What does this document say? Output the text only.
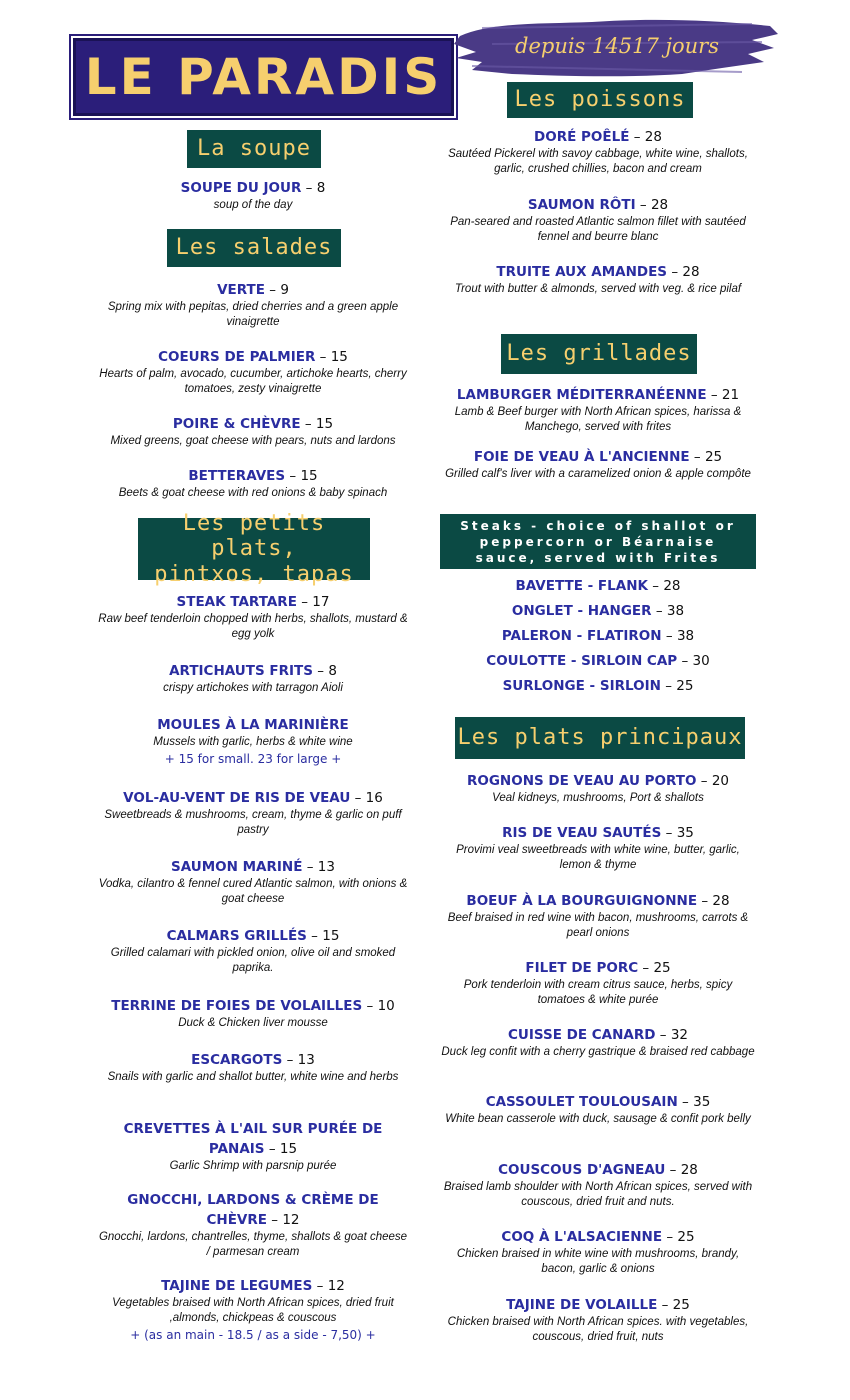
LE PARADIS
depuis 14517 jours
La soupe
SOUPE DU JOUR – 8
soup of the day
Les salades
VERTE – 9
Spring mix with pepitas, dried cherries and a green apple vinaigrette
COEURS DE PALMIER – 15
Hearts of palm, avocado, cucumber, artichoke hearts, cherry tomatoes, zesty vinaigrette
POIRE & CHÈVRE – 15
Mixed greens, goat cheese with pears, nuts and lardons
BETTERAVES – 15
Beets & goat cheese with red onions & baby spinach
Les petits plats, pintxos, tapas
STEAK TARTARE – 17
Raw beef tenderloin chopped with herbs, shallots, mustard & egg yolk
ARTICHAUTS FRITS – 8
crispy artichokes with tarragon Aioli
MOULES À LA MARINIÈRE
Mussels with garlic, herbs & white wine
+ 15 for small. 23 for large +
VOL-AU-VENT DE RIS DE VEAU – 16
Sweetbreads & mushrooms, cream, thyme & garlic on puff pastry
SAUMON MARINÉ – 13
Vodka, cilantro & fennel cured Atlantic salmon, with onions & goat cheese
CALMARS GRILLÉS – 15
Grilled calamari with pickled onion, olive oil and smoked paprika.
TERRINE DE FOIES DE VOLAILLES – 10
Duck & Chicken liver mousse
ESCARGOTS – 13
Snails with garlic and shallot butter, white wine and herbs
CREVETTES À L'AIL SUR PURÉE DE PANAIS – 15
Garlic Shrimp with parsnip purée
GNOCCHI, LARDONS & CRÈME DE CHÈVRE – 12
Gnocchi, lardons, chantrelles, thyme, shallots & goat cheese / parmesan cream
TAJINE DE LEGUMES – 12
Vegetables braised with North African spices, dried fruit ,almonds, chickpeas & couscous
+ (as an main - 18.5 / as a side - 7,50) +
Les poissons
DORÉ POÊLÉ – 28
Sautéed Pickerel with savoy cabbage, white wine, shallots, garlic, crushed chillies, bacon and cream
SAUMON RÔTI – 28
Pan-seared and roasted Atlantic salmon fillet with sautéed fennel and beurre blanc
TRUITE AUX AMANDES – 28
Trout with butter & almonds, served with veg. & rice pilaf
Les grillades
LAMBURGER MÉDITERRANÉENNE – 21
Lamb & Beef burger with North African spices, harissa & Manchego, served with frites
FOIE DE VEAU À L'ANCIENNE – 25
Grilled calf's liver with a caramelized onion & apple compôte
Steaks - choice of shallot or peppercorn or Béarnaise sauce, served with Frites
BAVETTE - FLANK – 28
ONGLET - HANGER – 38
PALERON - FLATIRON – 38
COULOTTE - SIRLOIN CAP – 30
SURLONGE - SIRLOIN – 25
Les plats principaux
ROGNONS DE VEAU AU PORTO – 20
Veal kidneys, mushrooms, Port & shallots
RIS DE VEAU SAUTÉS – 35
Provimi veal sweetbreads with white wine, butter, garlic, lemon & thyme
BOEUF À LA BOURGUIGNONNE – 28
Beef braised in red wine with bacon, mushrooms, carrots & pearl onions
FILET DE PORC – 25
Pork tenderloin with cream citrus sauce, herbs, spicy tomatoes & white purée
CUISSE DE CANARD – 32
Duck leg confit with a cherry gastrique & braised red cabbage
CASSOULET TOULOUSAIN – 35
White bean casserole with duck, sausage & confit pork belly
COUSCOUS D'AGNEAU – 28
Braised lamb shoulder with North African spices, served with couscous, dried fruit and nuts.
COQ À L'ALSACIENNE – 25
Chicken braised in white wine with mushrooms, brandy, bacon, garlic & onions
TAJINE DE VOLAILLE – 25
Chicken braised with North African spices. with vegetables, couscous, dried fruit, nuts
